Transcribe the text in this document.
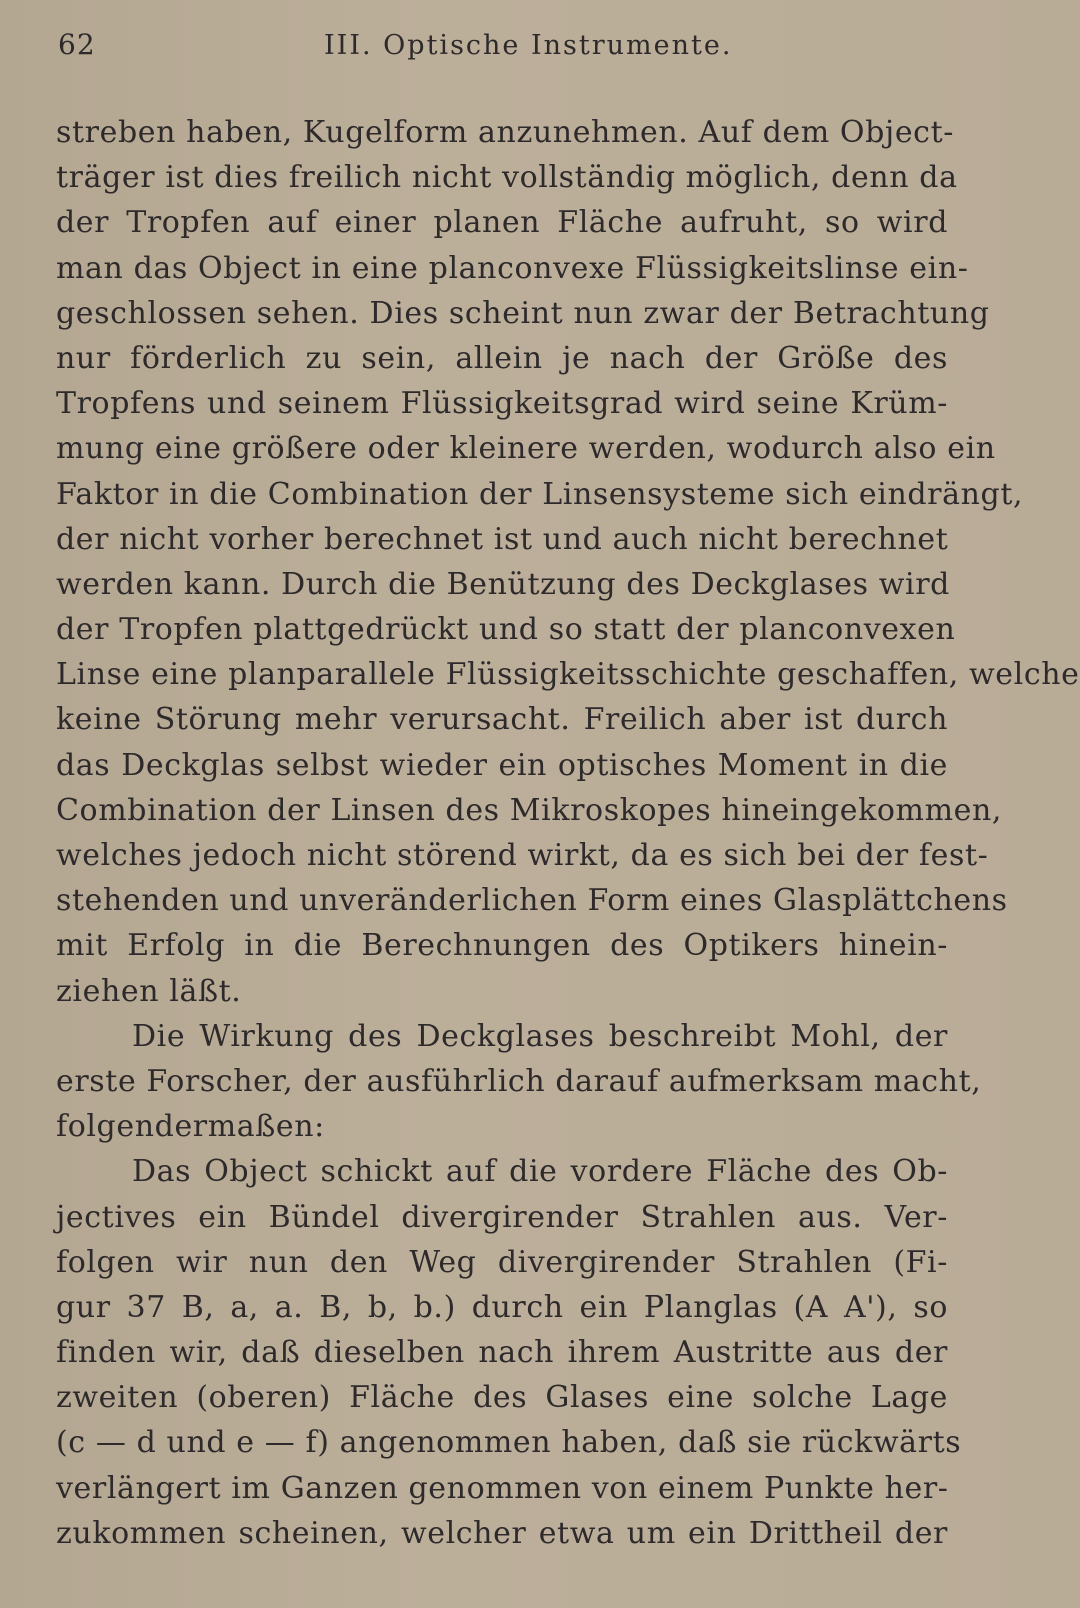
62	III. Optische Instrumente.
streben haben, Kugelform anzunehmen. Auf dem Object-
träger ist dies freilich nicht vollständig möglich, denn da
der Tropfen auf einer planen Fläche aufruht, so wird
man das Object in eine planconvexe Flüssigkeitslinse ein-
geschlossen sehen. Dies scheint nun zwar der Betrachtung
nur förderlich zu sein, allein je nach der Größe des
Tropfens und seinem Flüssigkeitsgrad wird seine Krüm-
mung eine größere oder kleinere werden, wodurch also ein
Faktor in die Combination der Linsensysteme sich eindrängt,
der nicht vorher berechnet ist und auch nicht berechnet
werden kann. Durch die Benützung des Deckglases wird
der Tropfen plattgedrückt und so statt der planconvexen
Linse eine planparallele Flüssigkeitsschichte geschaffen, welche
keine Störung mehr verursacht. Freilich aber ist durch
das Deckglas selbst wieder ein optisches Moment in die
Combination der Linsen des Mikroskopes hineingekommen,
welches jedoch nicht störend wirkt, da es sich bei der fest-
stehenden und unveränderlichen Form eines Glasplättchens
mit Erfolg in die Berechnungen des Optikers hinein-
ziehen läßt.
Die Wirkung des Deckglases beschreibt Mohl, der
erste Forscher, der ausführlich darauf aufmerksam macht,
folgendermaßen:
Das Object schickt auf die vordere Fläche des Ob-
jectives ein Bündel divergirender Strahlen aus. Ver-
folgen wir nun den Weg divergirender Strahlen (Fi-
gur 37 B, a, a. B, b, b.) durch ein Planglas (A A'), so
finden wir, daß dieselben nach ihrem Austritte aus der
zweiten (oberen) Fläche des Glases eine solche Lage
(c — d und e — f) angenommen haben, daß sie rückwärts
verlängert im Ganzen genommen von einem Punkte her-
zukommen scheinen, welcher etwa um ein Drittheil der
